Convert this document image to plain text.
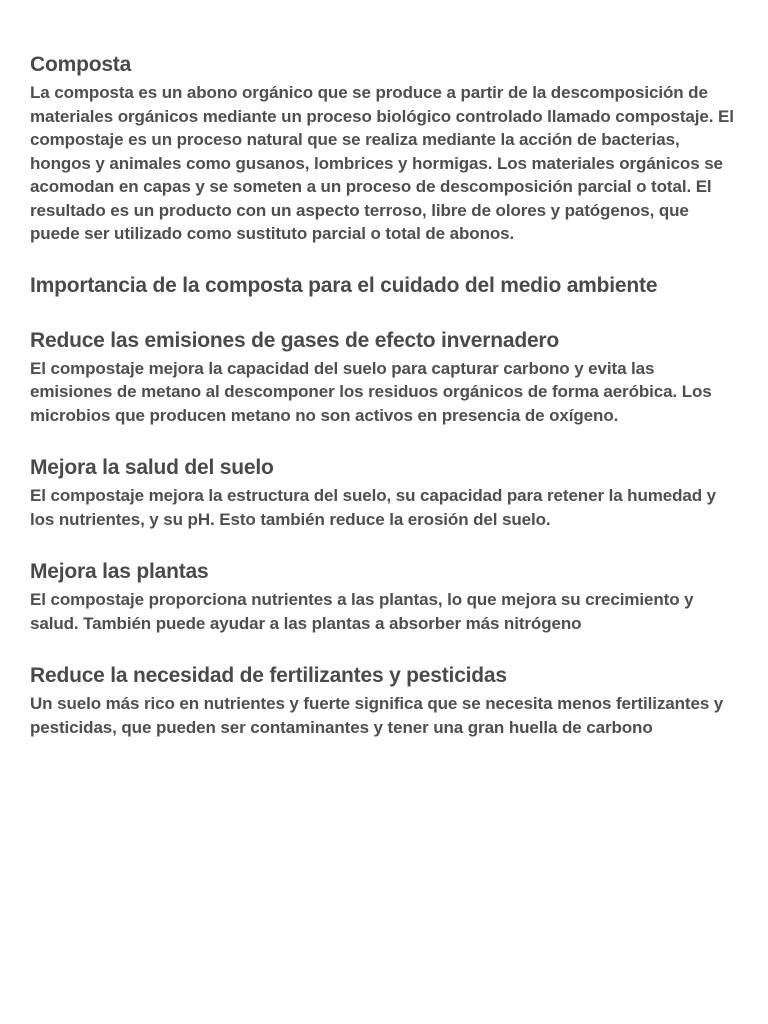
Composta

La composta es un abono orgánico que se produce a partir de la descomposición de materiales orgánicos mediante un proceso biológico controlado llamado compostaje. El compostaje es un proceso natural que se realiza mediante la acción de bacterias, hongos y animales como gusanos, lombrices y hormigas. Los materiales orgánicos se acomodan en capas y se someten a un proceso de descomposición parcial o total. El resultado es un producto con un aspecto terroso, libre de olores y patógenos, que puede ser utilizado como sustituto parcial o total de abonos.

Importancia de la composta para el cuidado del medio ambiente
Reduce las emisiones de gases de efecto invernadero

El compostaje mejora la capacidad del suelo para capturar carbono y evita las emisiones de metano al descomponer los residuos orgánicos de forma aeróbica. Los microbios que producen metano no son activos en presencia de oxígeno.

Mejora la salud del suelo

El compostaje mejora la estructura del suelo, su capacidad para retener la humedad y los nutrientes, y su pH. Esto también reduce la erosión del suelo.

Mejora las plantas

El compostaje proporciona nutrientes a las plantas, lo que mejora su crecimiento y salud. También puede ayudar a las plantas a absorber más nitrógeno

Reduce la necesidad de fertilizantes y pesticidas

Un suelo más rico en nutrientes y fuerte significa que se necesita menos fertilizantes y pesticidas, que pueden ser contaminantes y tener una gran huella de carbono
